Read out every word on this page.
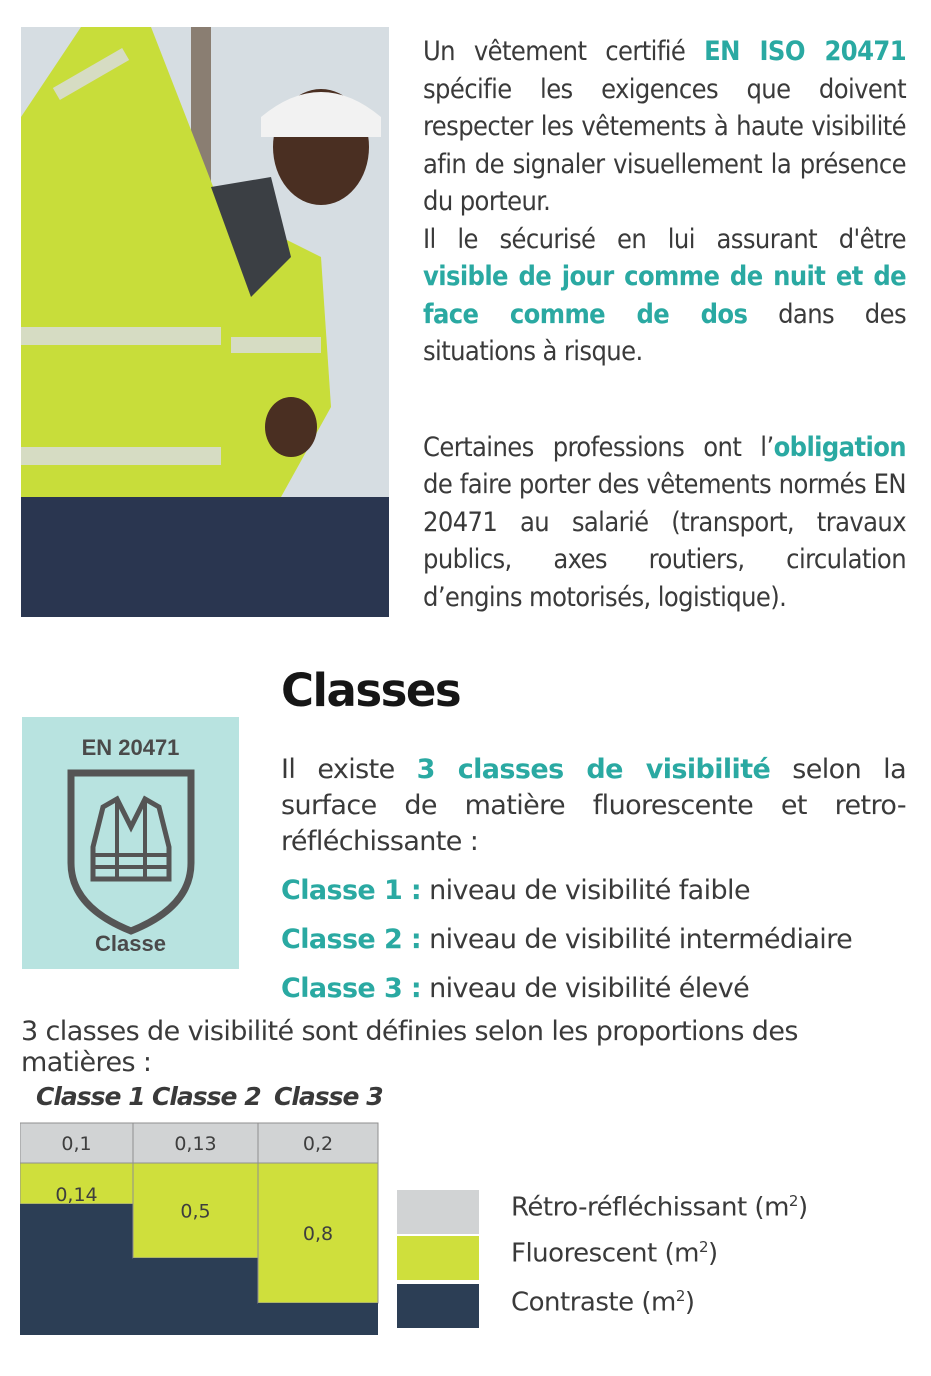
Un vêtement certifié EN ISO 20471 spécifie les exigences que doivent respecter les vêtements à haute visibilité afin de signaler visuellement la présence du porteur.

Il le sécurisé en lui assurant d'être visible de jour comme de nuit et de face comme de dos dans des situations à risque.

Certaines professions ont l’obligation de faire porter des vêtements normés EN 20471 au salarié (transport, travaux publics, axes routiers, circulation d’engins motorisés, logistique).

Classes
EN 20471
Classe

Il existe 3 classes de visibilité selon la surface de matière fluorescente et retro-réfléchissante :

Classe 1 : niveau de visibilité faible

Classe 2 : niveau de visibilité intermédiaire

Classe 3 : niveau de visibilité élevé

3 classes de visibilité sont définies selon les proportions des matières :
Classe 1 Classe 2 Classe 3
0,1
0,14
0,13
0,5
0,2
0,8
Rétro-réfléchissant $(m^2)$
Fluorescent $(m^2)$
Contraste $(m^2)$
